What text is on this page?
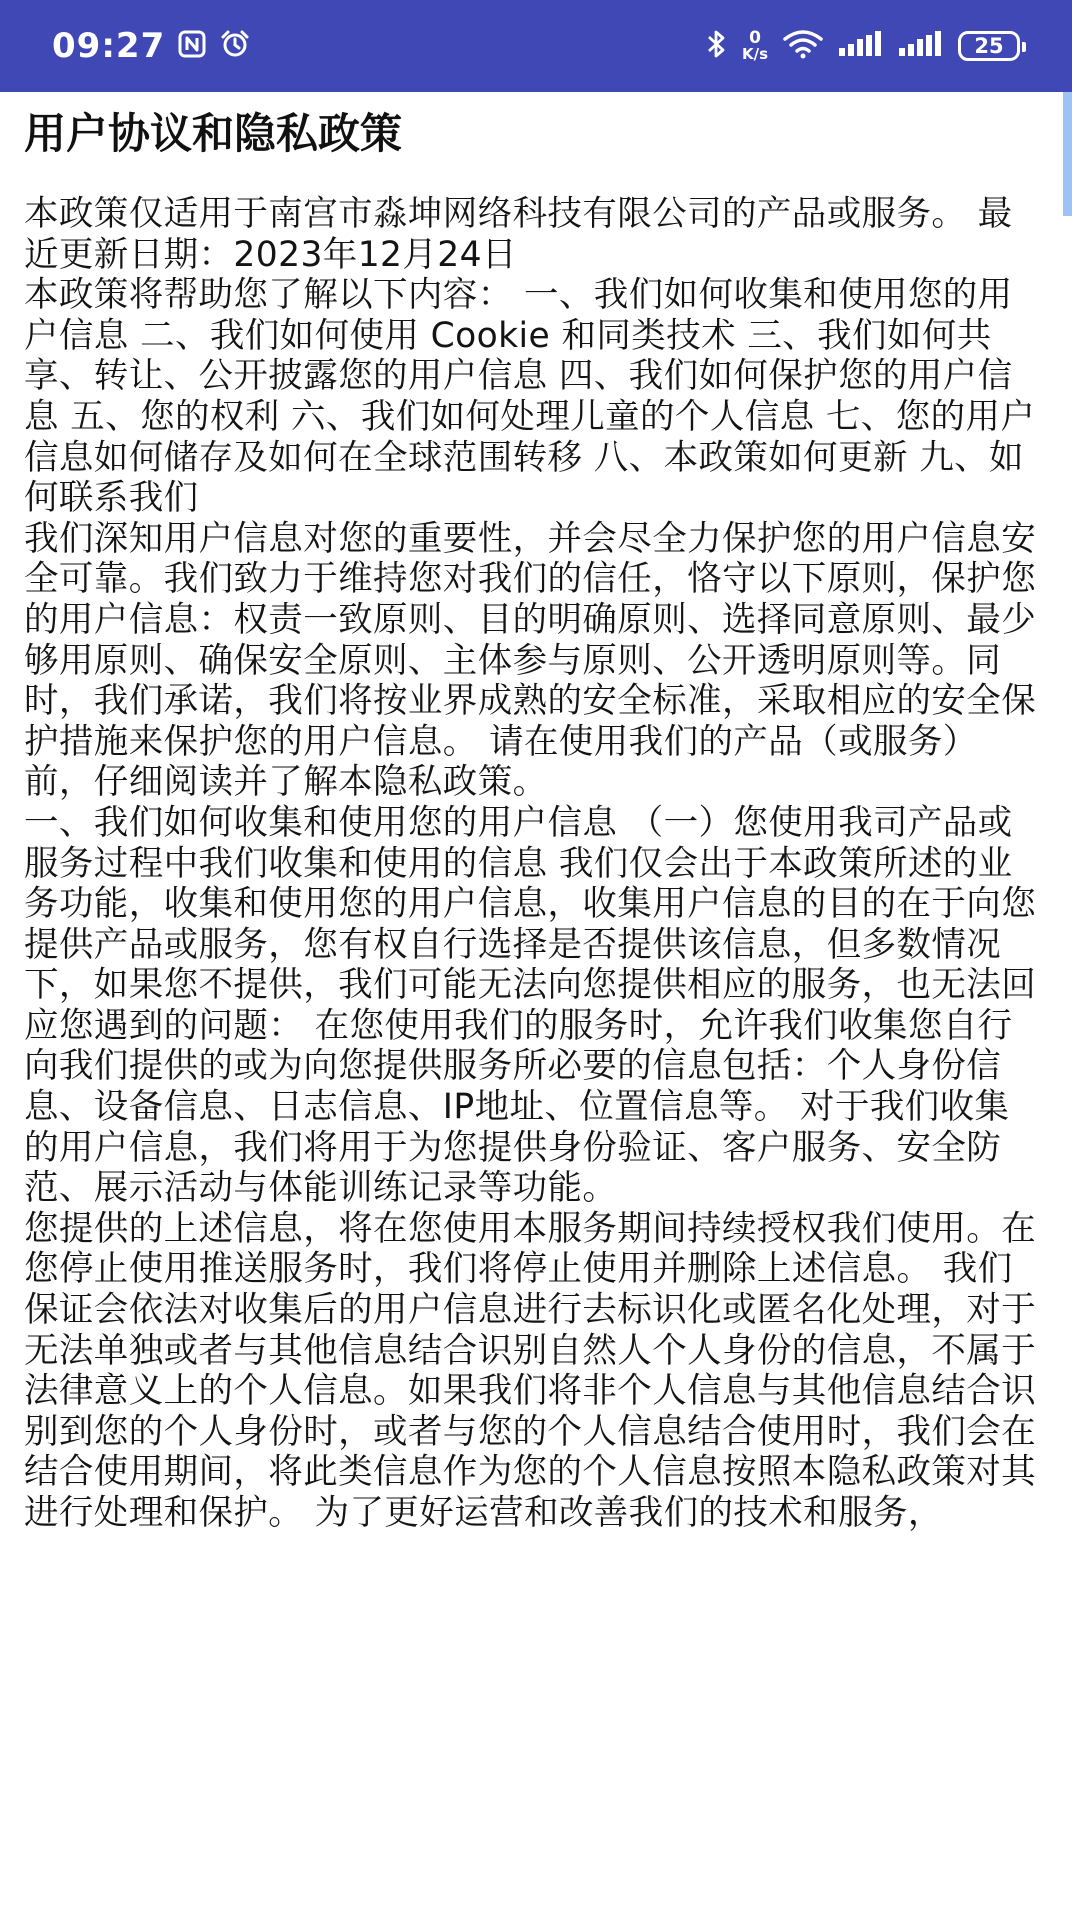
09:27	0
K/s	25
用户协议和隐私政策
本政策仅适用于南宫市淼坤网络科技有限公司的产品或服务。 最近更新日期：2023年12月24日
本政策将帮助您了解以下内容： 一、我们如何收集和使用您的用户信息 二、我们如何使用 Cookie 和同类技术 三、我们如何共享、转让、公开披露您的用户信息 四、我们如何保护您的用户信息 五、您的权利 六、我们如何处理儿童的个人信息 七、您的用户信息如何储存及如何在全球范围转移 八、本政策如何更新 九、如何联系我们
我们深知用户信息对您的重要性，并会尽全力保护您的用户信息安全可靠。我们致力于维持您对我们的信任，恪守以下原则，保护您的用户信息：权责一致原则、目的明确原则、选择同意原则、最少够用原则、确保安全原则、主体参与原则、公开透明原则等。同时，我们承诺，我们将按业界成熟的安全标准，采取相应的安全保护措施来保护您的用户信息。 请在使用我们的产品（或服务）前，仔细阅读并了解本隐私政策。
一、我们如何收集和使用您的用户信息 （一）您使用我司产品或服务过程中我们收集和使用的信息 我们仅会出于本政策所述的业务功能，收集和使用您的用户信息，收集用户信息的目的在于向您提供产品或服务，您有权自行选择是否提供该信息，但多数情况下，如果您不提供，我们可能无法向您提供相应的服务，也无法回应您遇到的问题： 在您使用我们的服务时，允许我们收集您自行向我们提供的或为向您提供服务所必要的信息包括：个人身份信息、设备信息、日志信息、IP地址、位置信息等。 对于我们收集的用户信息，我们将用于为您提供身份验证、客户服务、安全防范、展示活动与体能训练记录等功能。
您提供的上述信息，将在您使用本服务期间持续授权我们使用。在您停止使用推送服务时，我们将停止使用并删除上述信息。 我们保证会依法对收集后的用户信息进行去标识化或匿名化处理，对于无法单独或者与其他信息结合识别自然人个人身份的信息，不属于法律意义上的个人信息。如果我们将非个人信息与其他信息结合识别到您的个人身份时，或者与您的个人信息结合使用时，我们会在结合使用期间，将此类信息作为您的个人信息按照本隐私政策对其进行处理和保护。 为了更好运营和改善我们的技术和服务，
